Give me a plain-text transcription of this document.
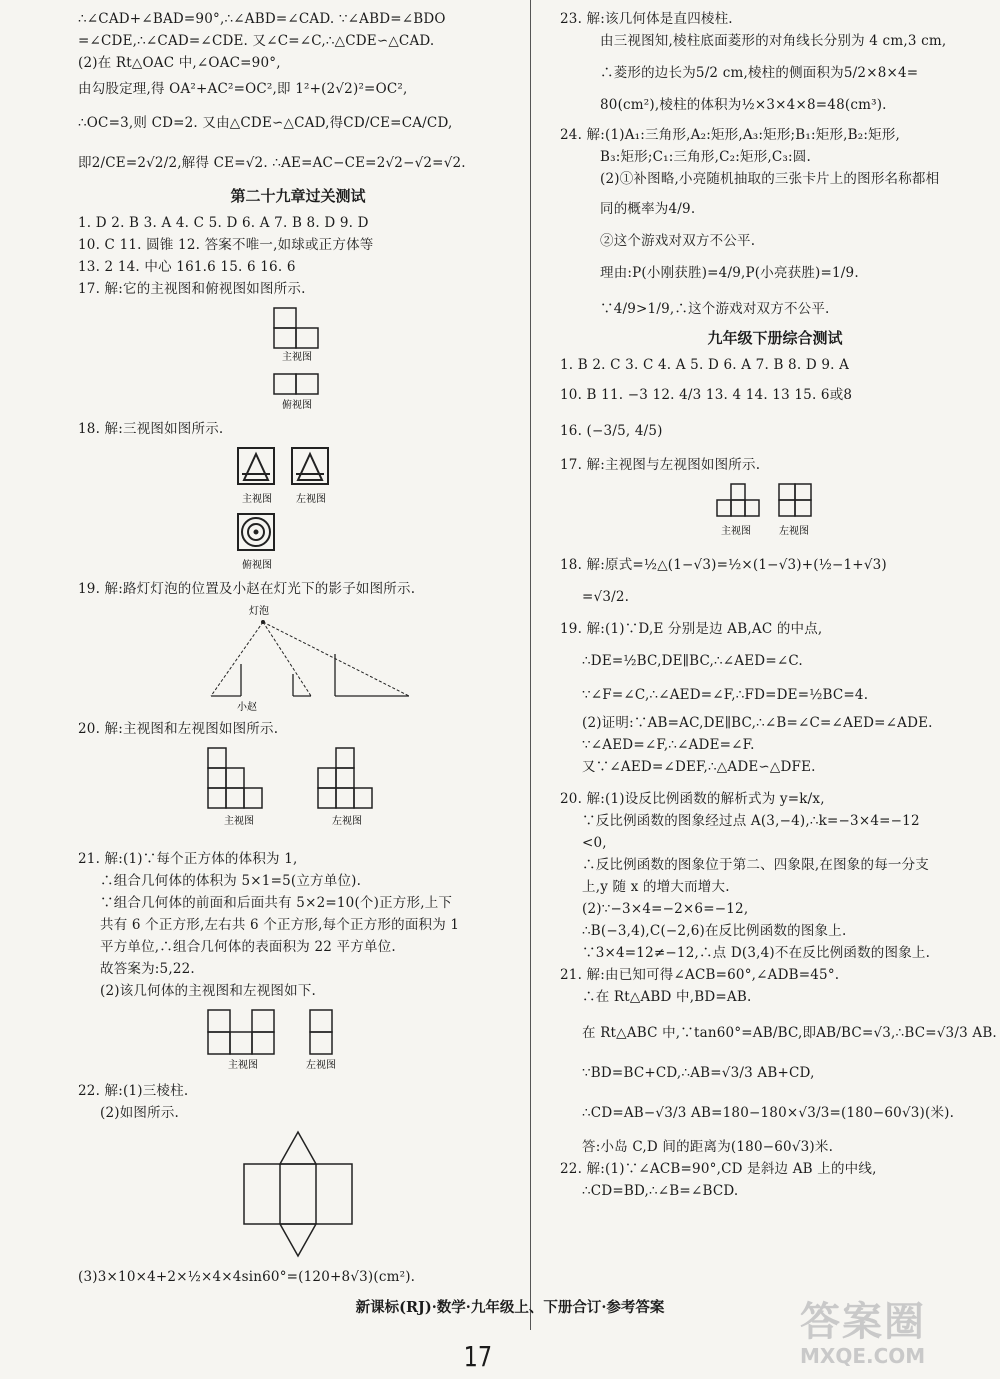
∴∠CAD+∠BAD=90°,∴∠ABD=∠CAD. ∵∠ABD=∠BDO
=∠CDE,∴∠CAD=∠CDE. 又∠C=∠C,∴△CDE∽△CAD.
(2)在 Rt△OAC 中,∠OAC=90°,
由勾股定理,得 OA²+AC²=OC²,即 1²+(2√2)²=OC²,
∴OC=3,则 CD=2. 又由△CDE∽△CAD,得CD/CE=CA/CD,
即2/CE=2√2/2,解得 CE=√2. ∴AE=AC−CE=2√2−√2=√2.
第二十九章过关测试
1. D 2. B 3. A 4. C 5. D 6. A 7. B 8. D 9. D
10. C 11. 圆锥 12. 答案不唯一,如球或正方体等
13. 2 14. 中心 161.6 15. 6 16. 6
17. 解:它的主视图和俯视图如图所示.
主视图
俯视图
18. 解:三视图如图所示.
主视图 左视图
俯视图
19. 解:路灯灯泡的位置及小赵在灯光下的影子如图所示.
灯泡
小赵
20. 解:主视图和左视图如图所示.
主视图	左视图
21. 解:(1)∵每个正方体的体积为 1,
∴组合几何体的体积为 5×1=5(立方单位).
∵组合几何体的前面和后面共有 5×2=10(个)正方形,上下
共有 6 个正方形,左右共 6 个正方形,每个正方形的面积为 1
平方单位,∴组合几何体的表面积为 22 平方单位.
故答案为:5,22.
(2)该几何体的主视图和左视图如下.
主视图	左视图
22. 解:(1)三棱柱.
(2)如图所示.
(3)3×10×4+2×½×4×4sin60°=(120+8√3)(cm²).
23. 解:该几何体是直四棱柱.
由三视图知,棱柱底面菱形的对角线长分别为 4 cm,3 cm,
∴菱形的边长为5/2 cm,棱柱的侧面积为5/2×8×4=
80(cm²),棱柱的体积为½×3×4×8=48(cm³).
24. 解:(1)A₁:三角形,A₂:矩形,A₃:矩形;B₁:矩形,B₂:矩形,
B₃:矩形;C₁:三角形,C₂:矩形,C₃:圆.
(2)①补图略,小亮随机抽取的三张卡片上的图形名称都相
同的概率为4/9.
②这个游戏对双方不公平.
理由:P(小刚获胜)=4/9,P(小亮获胜)=1/9.
∵4/9>1/9,∴这个游戏对双方不公平.
九年级下册综合测试
1. B 2. C 3. C 4. A 5. D 6. A 7. B 8. D 9. A
10. B 11. −3 12. 4/3 13. 4 14. 13 15. 6或8
16. (−3/5, 4/5)
17. 解:主视图与左视图如图所示.
主视图	左视图
18. 解:原式=½△(1−√3)=½×(1−√3)+(½−1+√3)
=√3/2.
19. 解:(1)∵D,E 分别是边 AB,AC 的中点,
∴DE=½BC,DE∥BC,∴∠AED=∠C.
∵∠F=∠C,∴∠AED=∠F,∴FD=DE=½BC=4.
(2)证明:∵AB=AC,DE∥BC,∴∠B=∠C=∠AED=∠ADE.
∵∠AED=∠F,∴∠ADE=∠F.
又∵∠AED=∠DEF,∴△ADE∽△DFE.
20. 解:(1)设反比例函数的解析式为 y=k/x,
∵反比例函数的图象经过点 A(3,−4),∴k=−3×4=−12
<0,
∴反比例函数的图象位于第二、四象限,在图象的每一分支
上,y 随 x 的增大而增大.
(2)∵−3×4=−2×6=−12,
∴B(−3,4),C(−2,6)在反比例函数的图象上.
∵3×4=12≠−12,∴点 D(3,4)不在反比例函数的图象上.
21. 解:由已知可得∠ACB=60°,∠ADB=45°.
∴在 Rt△ABD 中,BD=AB.
在 Rt△ABC 中,∵tan60°=AB/BC,即AB/BC=√3,∴BC=√3/3 AB.
∵BD=BC+CD,∴AB=√3/3 AB+CD,
∴CD=AB−√3/3 AB=180−180×√3/3=(180−60√3)(米).
答:小岛 C,D 间的距离为(180−60√3)米.
22. 解:(1)∵∠ACB=90°,CD 是斜边 AB 上的中线,
∴CD=BD,∴∠B=∠BCD.
新课标(RJ)·数学·九年级上、下册合订·参考答案
17
答案圈
MXQE.COM
